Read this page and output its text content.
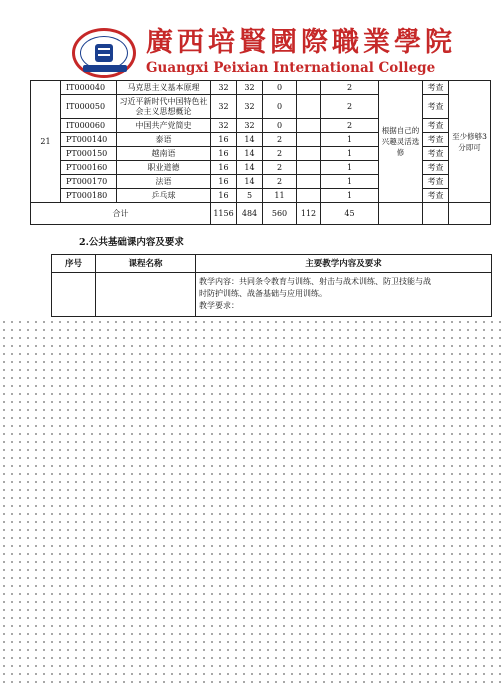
廣西培賢國際職業學院
Guangxi Peixian International College
21	IT000040	马克思主义基本原理	32	32	0		2	根据自己的兴趣灵活选修	考查	至少修够3分即可
	IT000050	习近平新时代中国特色社会主义思想概论	32	32	0		2		考查	
	IT000060	中国共产党简史	32	32	0		2		考查	
	PT000140	泰语	16	14	2		1		考查	
	PT000150	越南语	16	14	2		1		考查	
	PT000160	职业道德	16	14	2		1		考查	
	PT000170	法语	16	14	2		1		考查	
	PT000180	乒乓球	16	5	11		1		考查	
合计			1156	484	560	112	45			
2.公共基础课内容及要求
序号	课程名称	主要教学内容及要求

		教学内容：共同条令教育与训练、射击与战术训练、防卫技能与战
时防护训练、战备基础与应用训练。
教学要求：
